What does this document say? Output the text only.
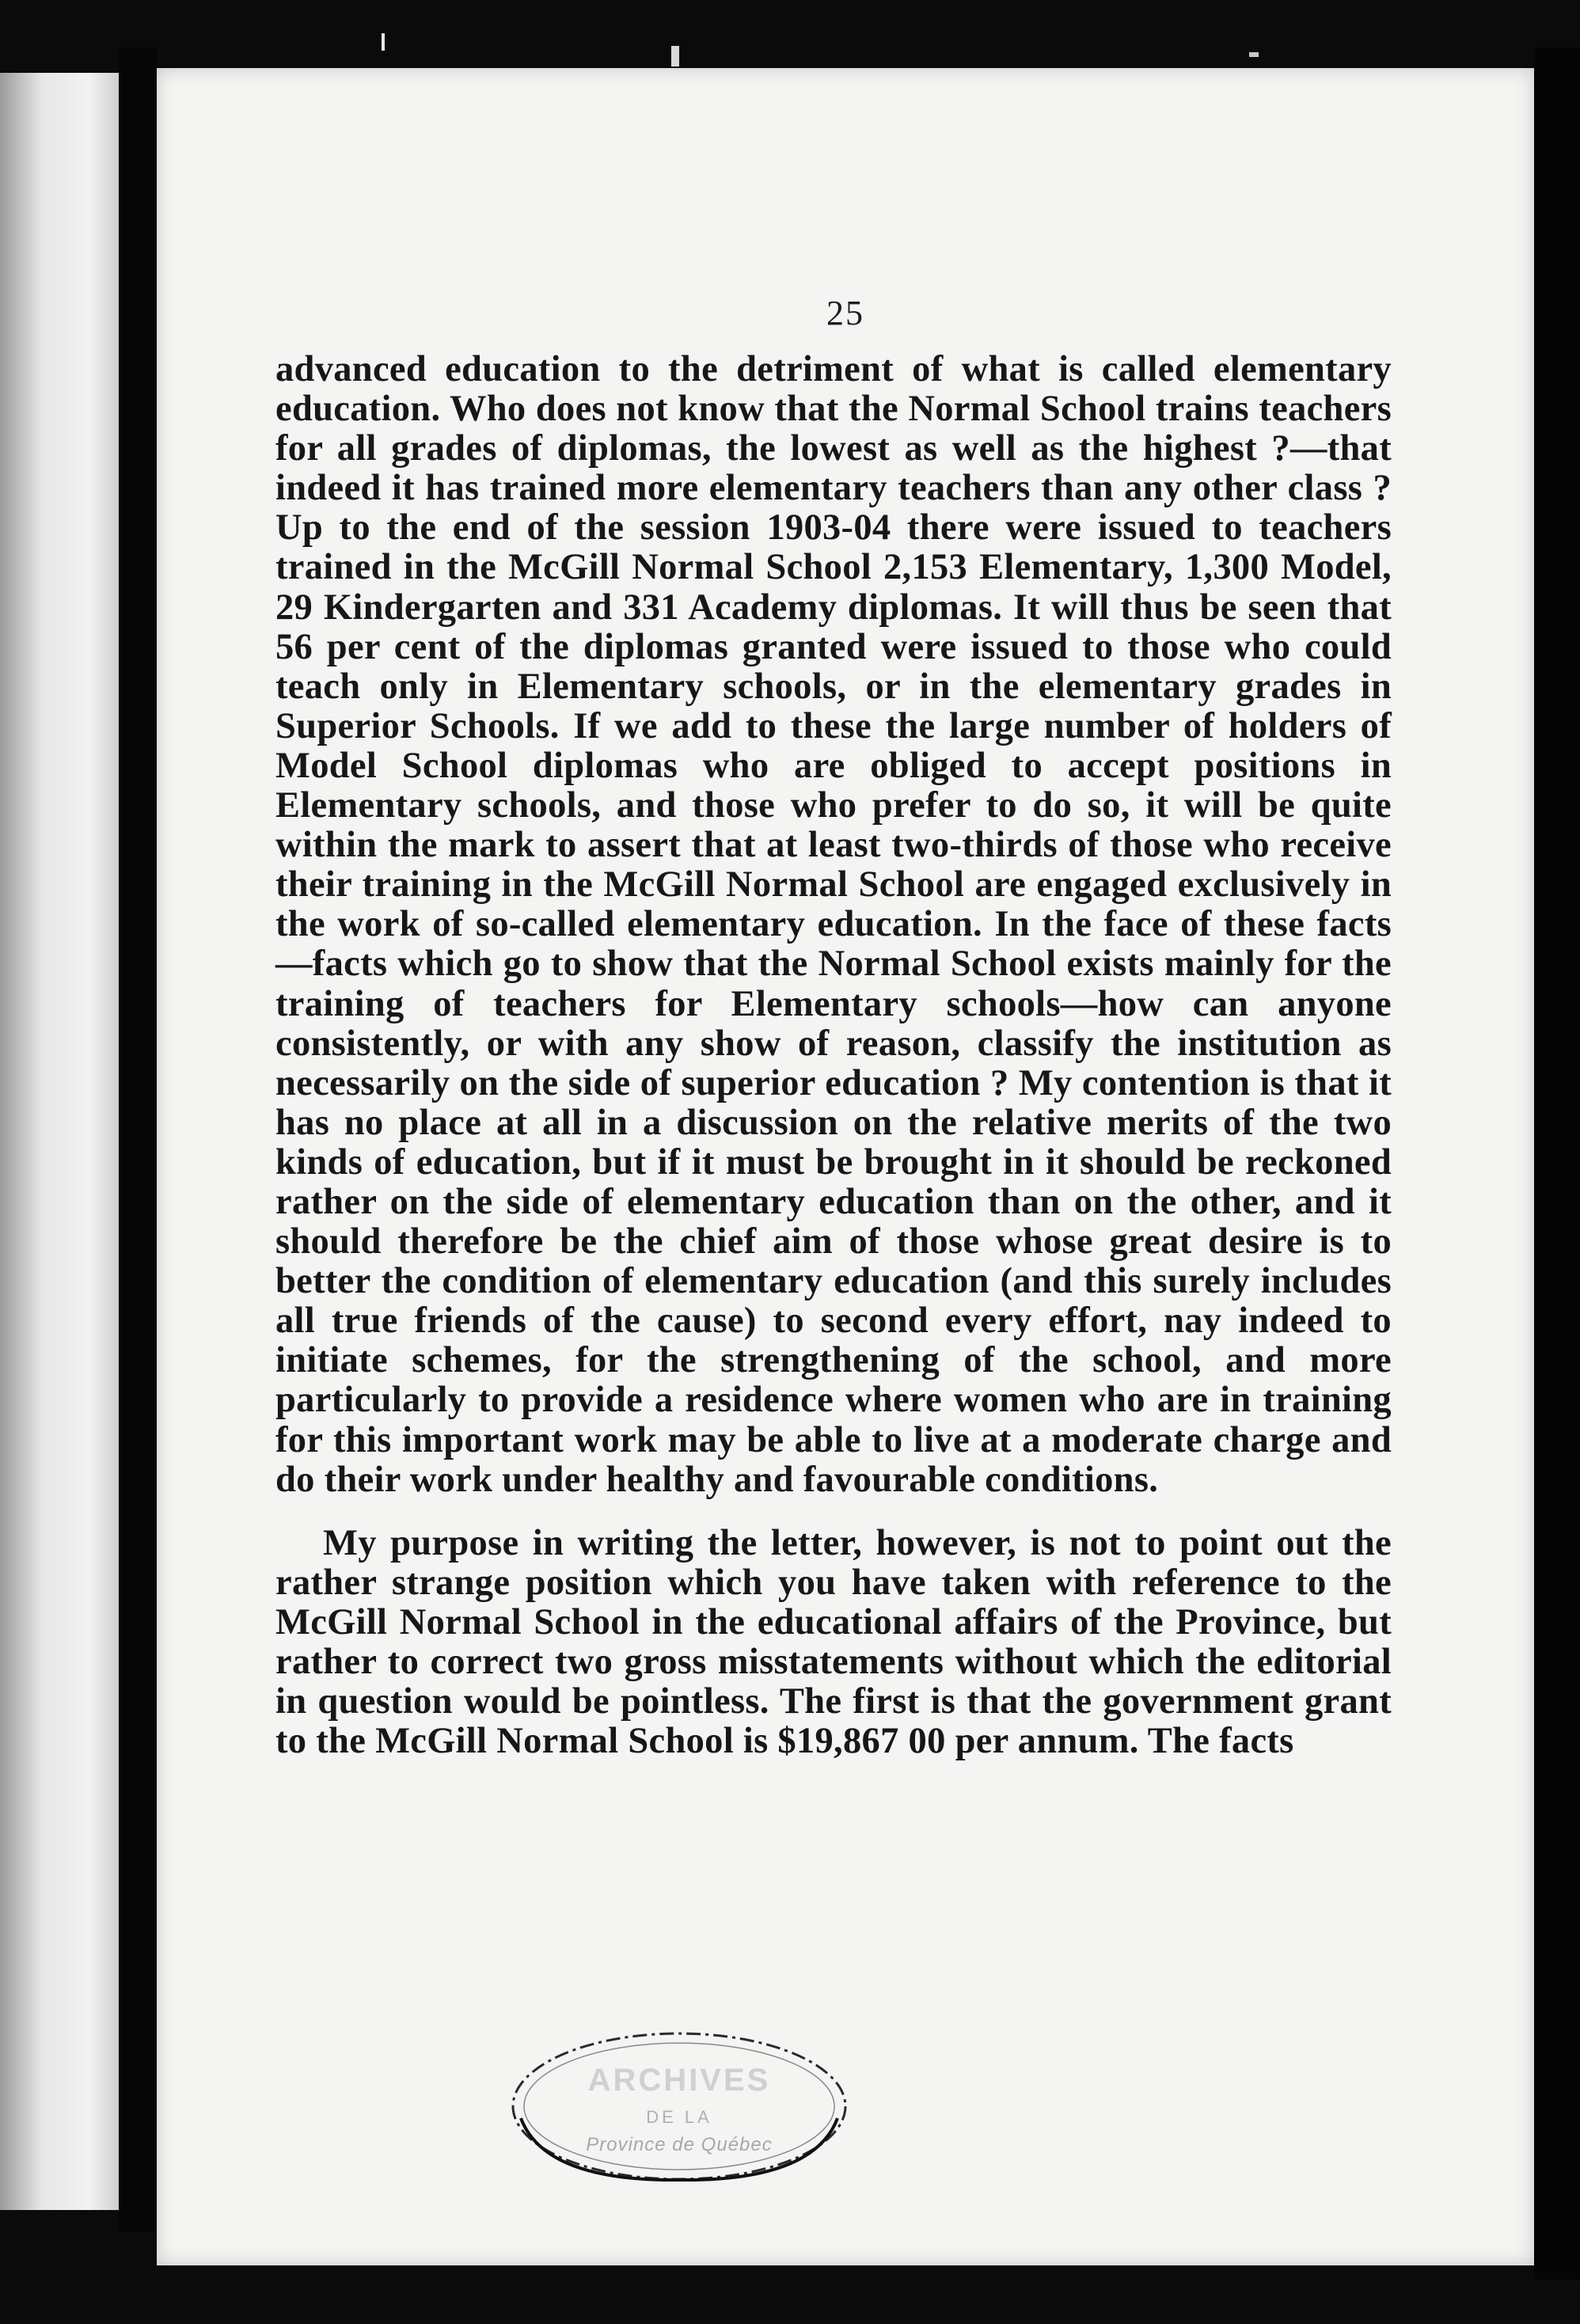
25

advanced education to the detriment of what is called elementary education. Who does not know that the Normal School trains teachers for all grades of diplomas, the lowest as well as the highest ?—that indeed it has trained more elementary teachers than any other class ? Up to the end of the session 1903-04 there were issued to teachers trained in the McGill Normal School 2,153 Elementary, 1,300 Model, 29 Kindergarten and 331 Academy diplomas. It will thus be seen that 56 per cent of the diplomas granted were issued to those who could teach only in Elementary schools, or in the elementary grades in Superior Schools. If we add to these the large number of holders of Model School diplomas who are obliged to accept positions in Elementary schools, and those who prefer to do so, it will be quite within the mark to assert that at least two-thirds of those who receive their training in the McGill Normal School are engaged exclusively in the work of so-called elementary education. In the face of these facts—facts which go to show that the Normal School exists mainly for the training of teachers for Elementary schools—how can anyone consistently, or with any show of reason, classify the institution as necessarily on the side of superior education ? My contention is that it has no place at all in a discussion on the relative merits of the two kinds of education, but if it must be brought in it should be reckoned rather on the side of elementary education than on the other, and it should therefore be the chief aim of those whose great desire is to better the condition of elementary education (and this surely includes all true friends of the cause) to second every effort, nay indeed to initiate schemes, for the strengthening of the school, and more particularly to provide a residence where women who are in training for this important work may be able to live at a moderate charge and do their work under healthy and favourable conditions.

My purpose in writing the letter, however, is not to point out the rather strange position which you have taken with reference to the McGill Normal School in the educational affairs of the Province, but rather to correct two gross misstatements without which the editorial in question would be pointless. The first is that the government grant to the McGill Normal School is $19,867 00 per annum. The facts

ARCHIVES
DE LA
Province de Québec
